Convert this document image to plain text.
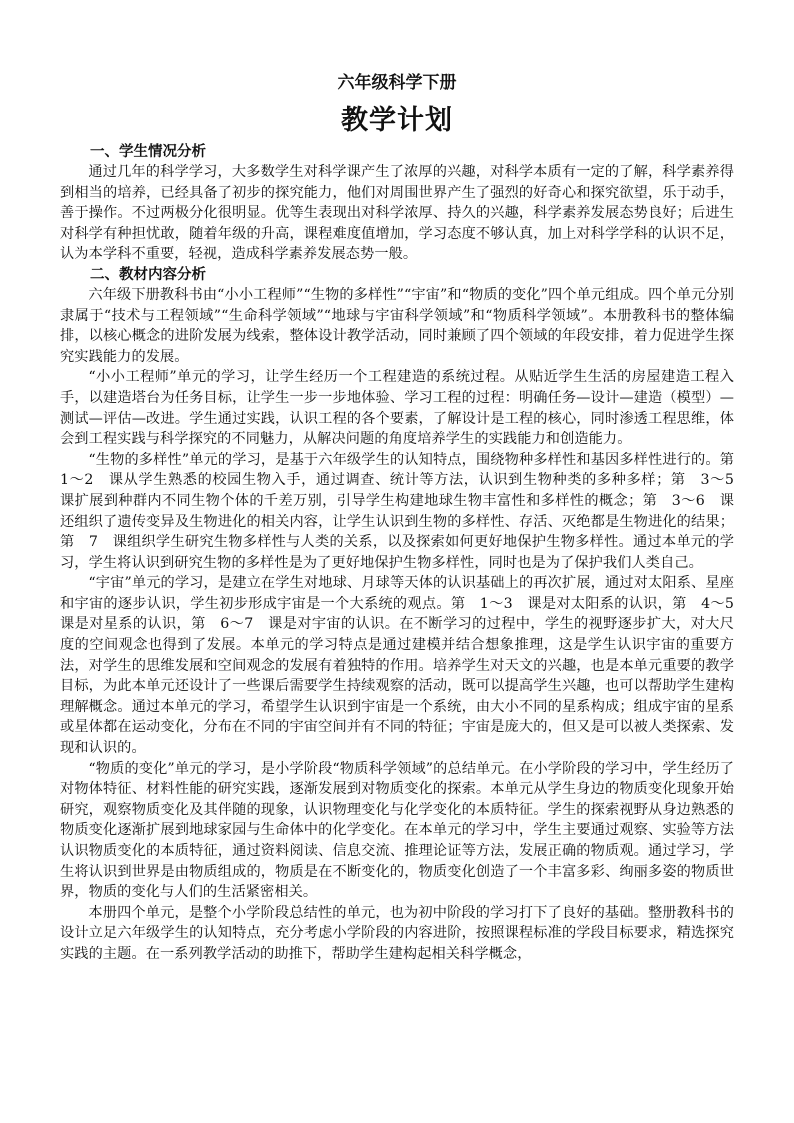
六年级科学下册
教学计划
一、学生情况分析

通过几年的科学学习，大多数学生对科学课产生了浓厚的兴趣，对科学本质有一定的了解，科学素养得到相当的培养，已经具备了初步的探究能力，他们对周围世界产生了强烈的好奇心和探究欲望，乐于动手，善于操作。不过两极分化很明显。优等生表现出对科学浓厚、持久的兴趣，科学素养发展态势良好；后进生对科学有种担忧敢，随着年级的升高，课程难度值增加，学习态度不够认真，加上对科学学科的认识不足，认为本学科不重要，轻视，造成科学素养发展态势一般。

二、教材内容分析

六年级下册教科书由“小小工程师”“生物的多样性”“宇宙”和“物质的变化”四个单元组成。四个单元分别隶属于“技术与工程领域”“生命科学领域”“地球与宇宙科学领域”和“物质科学领域”。本册教科书的整体编排，以核心概念的进阶发展为线索，整体设计教学活动，同时兼顾了四个领域的年段安排，着力促进学生探究实践能力的发展。

“小小工程师”单元的学习，让学生经历一个工程建造的系统过程。从贴近学生生活的房屋建造工程入手，以建造塔台为任务目标，让学生一步一步地体验、学习工程的过程：明确任务—设计—建造（模型）—测试—评估—改进。学生通过实践，认识工程的各个要素，了解设计是工程的核心，同时渗透工程思维，体会到工程实践与科学探究的不同魅力，从解决问题的角度培养学生的实践能力和创造能力。

“生物的多样性”单元的学习，是基于六年级学生的认知特点，围绕物种多样性和基因多样性进行的。第　1～2　课从学生熟悉的校园生物入手，通过调查、统计等方法，认识到生物种类的多种多样；第　3～5　课扩展到种群内不同生物个体的千差万别，引导学生构建地球生物丰富性和多样性的概念；第　3～6　课还组织了遗传变异及生物进化的相关内容，让学生认识到生物的多样性、存活、灭绝都是生物进化的结果；第　7　课组织学生研究生物多样性与人类的关系，以及探索如何更好地保护生物多样性。通过本单元的学习，学生将认识到研究生物的多样性是为了更好地保护生物多样性，同时也是为了保护我们人类自己。

“宇宙”单元的学习，是建立在学生对地球、月球等天体的认识基础上的再次扩展，通过对太阳系、星座和宇宙的逐步认识，学生初步形成宇宙是一个大系统的观点。第　1～3　课是对太阳系的认识，第　4～5　课是对星系的认识，第　6～7　课是对宇宙的认识。在不断学习的过程中，学生的视野逐步扩大，对大尺度的空间观念也得到了发展。本单元的学习特点是通过建模并结合想象推理，这是学生认识宇宙的重要方法，对学生的思维发展和空间观念的发展有着独特的作用。培养学生对天文的兴趣，也是本单元重要的教学目标，为此本单元还设计了一些课后需要学生持续观察的活动，既可以提高学生兴趣，也可以帮助学生建构理解概念。通过本单元的学习，希望学生认识到宇宙是一个系统，由大小不同的星系构成；组成宇宙的星系或星体都在运动变化，分布在不同的宇宙空间并有不同的特征；宇宙是庞大的，但又是可以被人类探索、发现和认识的。

“物质的变化”单元的学习，是小学阶段“物质科学领域”的总结单元。在小学阶段的学习中，学生经历了对物体特征、材料性能的研究实践，逐渐发展到对物质变化的探索。本单元从学生身边的物质变化现象开始研究，观察物质变化及其伴随的现象，认识物理变化与化学变化的本质特征。学生的探索视野从身边熟悉的物质变化逐渐扩展到地球家园与生命体中的化学变化。在本单元的学习中，学生主要通过观察、实验等方法认识物质变化的本质特征，通过资料阅读、信息交流、推理论证等方法，发展正确的物质观。通过学习，学生将认识到世界是由物质组成的，物质是在不断变化的，物质变化创造了一个丰富多彩、绚丽多姿的物质世界，物质的变化与人们的生活紧密相关。

本册四个单元，是整个小学阶段总结性的单元，也为初中阶段的学习打下了良好的基础。整册教科书的设计立足六年级学生的认知特点，充分考虑小学阶段的内容进阶，按照课程标准的学段目标要求，精选探究实践的主题。在一系列教学活动的助推下，帮助学生建构起相关科学概念，
